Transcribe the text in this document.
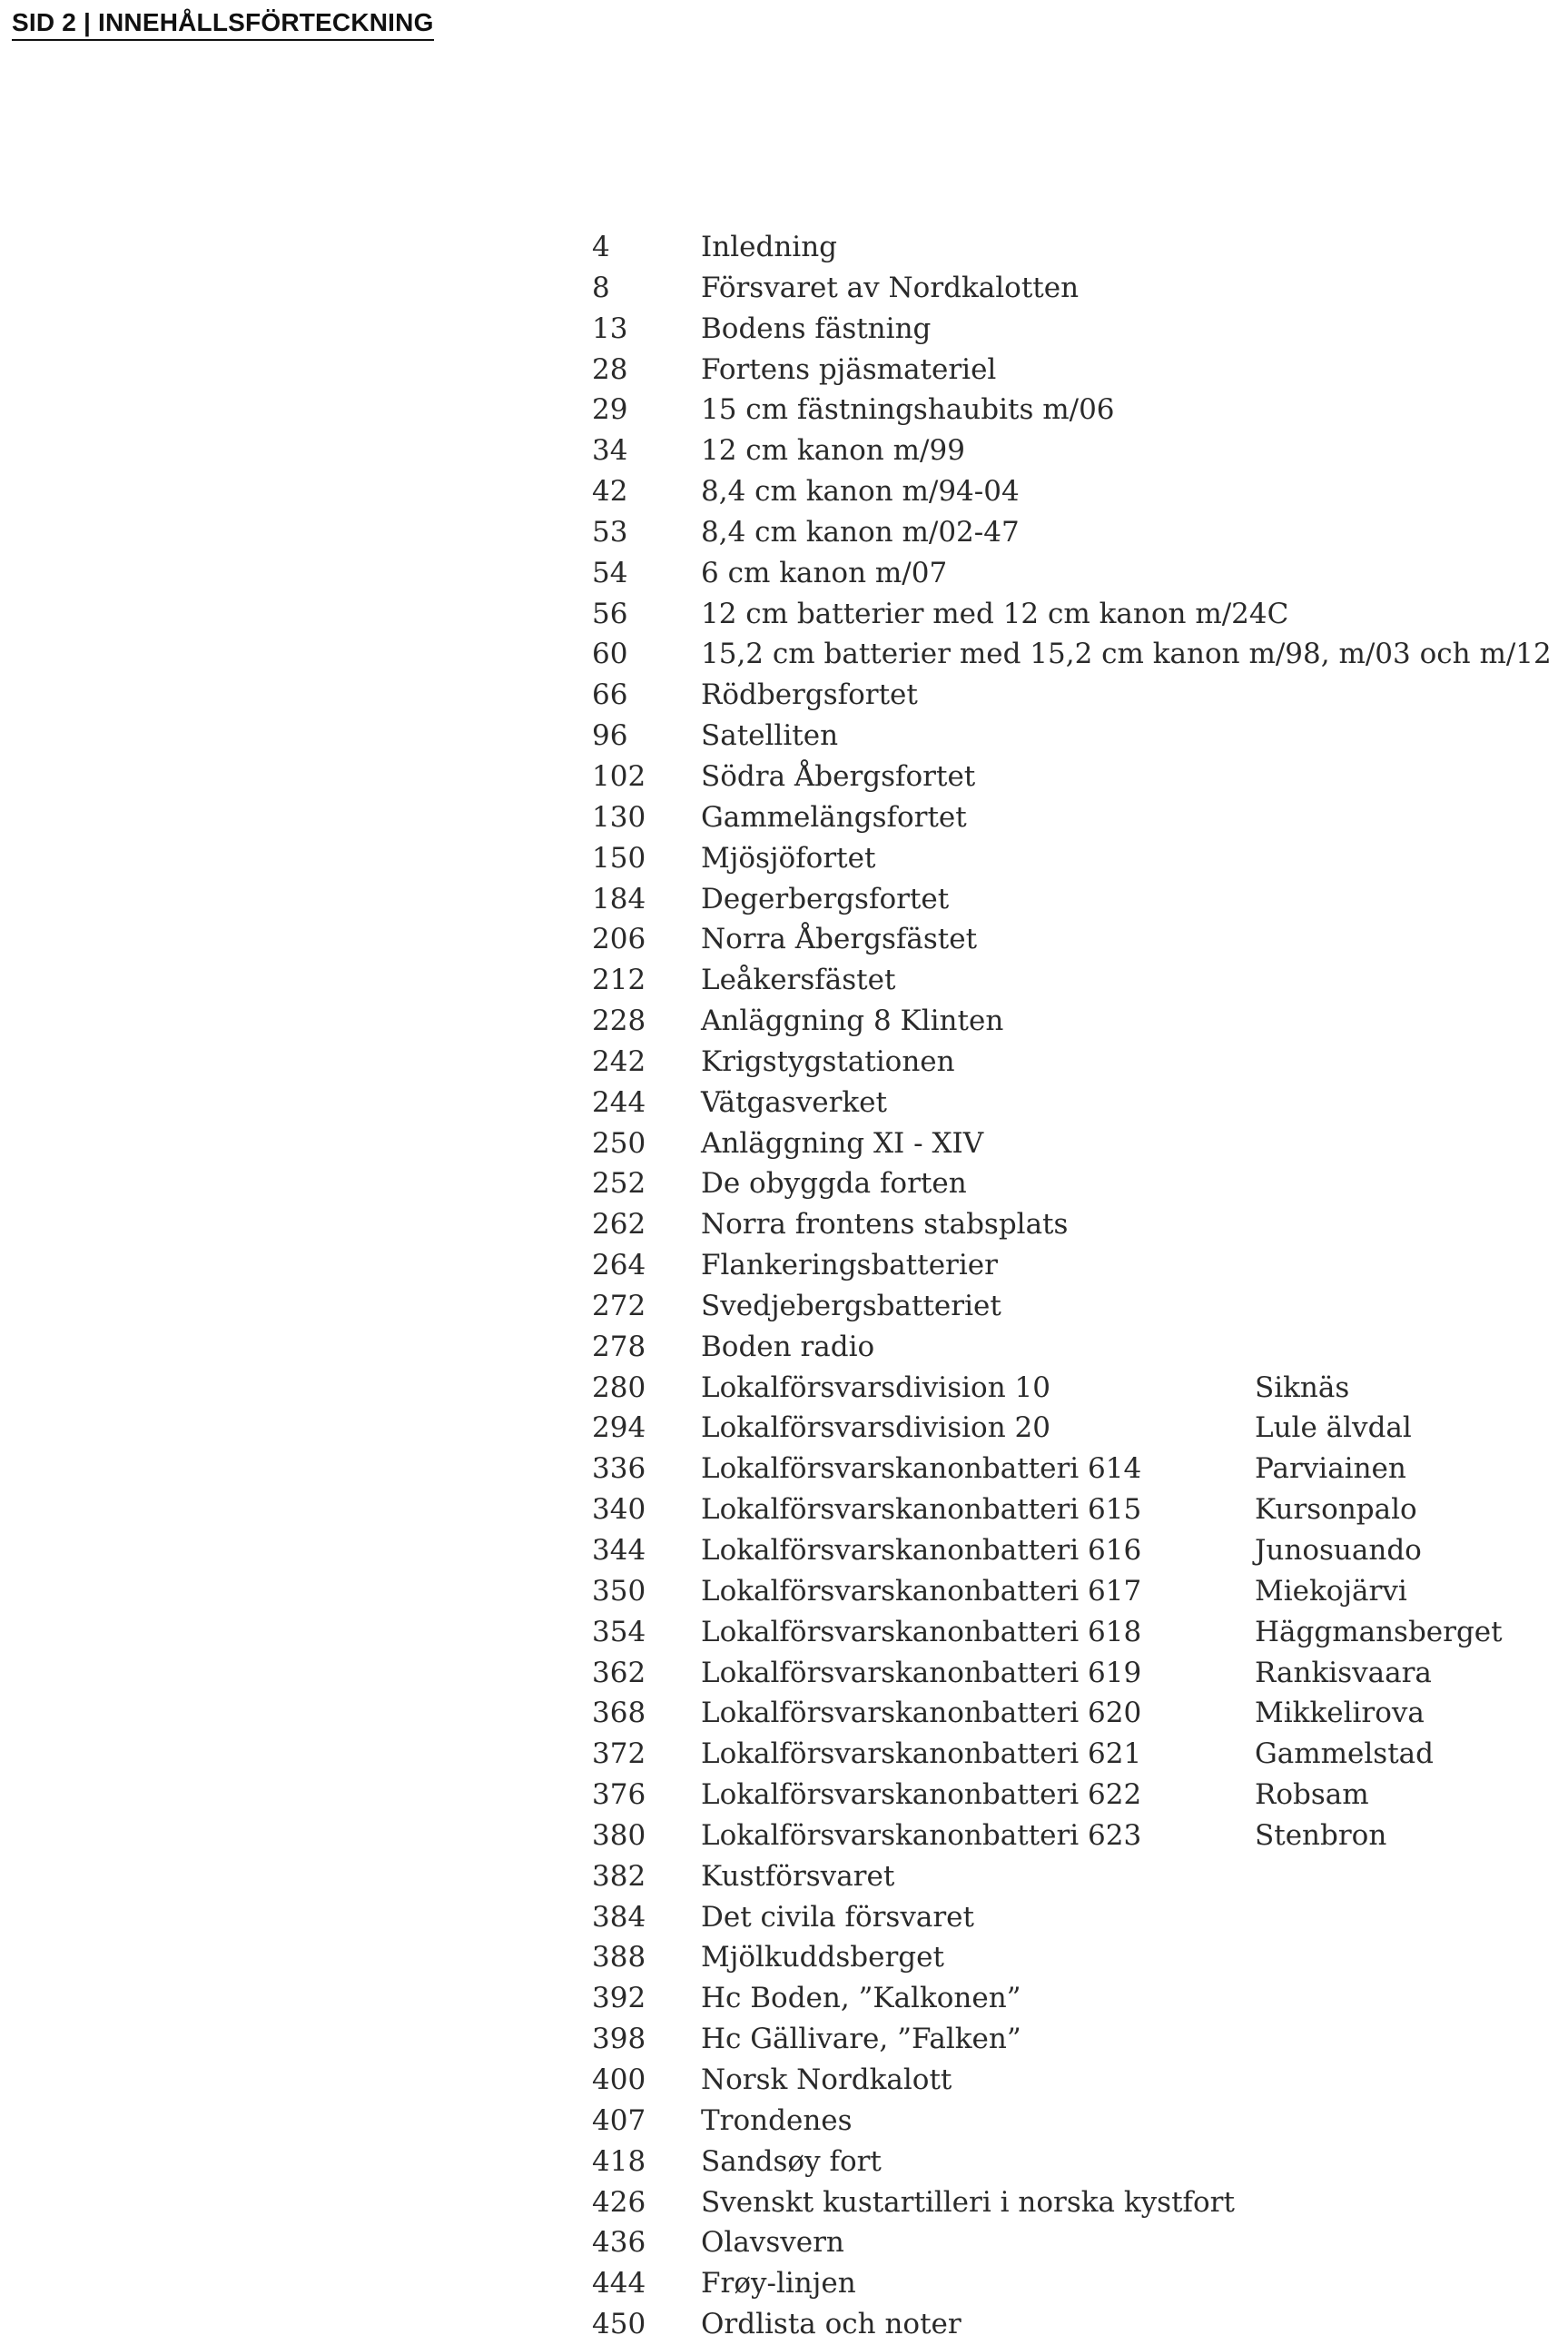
SID 2 | INNEHÅLLSFÖRTECKNING
4	Inledning
8	Försvaret av Nordkalotten
13	Bodens fästning
28	Fortens pjäsmateriel
29	15 cm fästningshaubits m/06
34	12 cm kanon m/99
42	8,4 cm kanon m/94-04
53	8,4 cm kanon m/02-47
54	6 cm kanon m/07
56	12 cm batterier med 12 cm kanon m/24C
60	15,2 cm batterier med 15,2 cm kanon m/98, m/03 och m/12
66	Rödbergsfortet
96	Satelliten
102 Södra Åbergsfortet
130 Gammelängsfortet
150 Mjösjöfortet
184 Degerbergsfortet
206 Norra Åbergsfästet
212 Leåkersfästet
228 Anläggning 8 Klinten
242 Krigstygstationen
244 Vätgasverket
250 Anläggning XI - XIV
252 De obyggda forten
262 Norra frontens stabsplats
264 Flankeringsbatterier
272 Svedjebergsbatteriet
278 Boden radio
280 Lokalförsvarsdivision 10	Siknäs
294 Lokalförsvarsdivision 20	Lule älvdal
336 Lokalförsvarskanonbatteri 614	Parviainen
340 Lokalförsvarskanonbatteri 615	Kursonpalo
344 Lokalförsvarskanonbatteri 616	Junosuando
350 Lokalförsvarskanonbatteri 617	Miekojärvi
354 Lokalförsvarskanonbatteri 618	Häggmansberget
362 Lokalförsvarskanonbatteri 619	Rankisvaara
368 Lokalförsvarskanonbatteri 620	Mikkelirova
372 Lokalförsvarskanonbatteri 621	Gammelstad
376 Lokalförsvarskanonbatteri 622	Robsam
380 Lokalförsvarskanonbatteri 623	Stenbron
382 Kustförsvaret
384 Det civila försvaret
388 Mjölkuddsberget
392 Hc Boden, ”Kalkonen”
398 Hc Gällivare, ”Falken”
400 Norsk Nordkalott
407 Trondenes
418 Sandsøy fort
426 Svenskt kustartilleri i norska kystfort
436 Olavsvern
444 Frøy-linjen
450 Ordlista och noter
